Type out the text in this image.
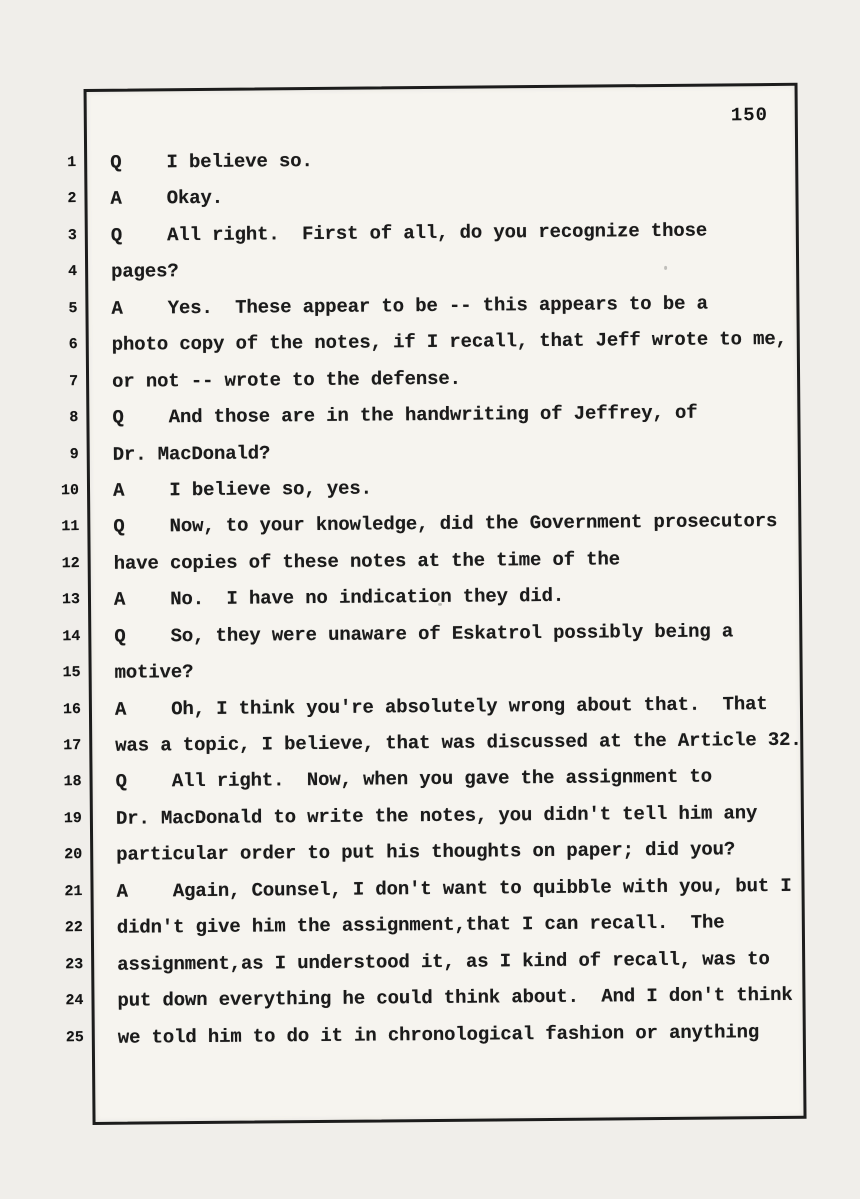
1
2
3
4
5
6
7
8
9
10
11
12
13
14
15
16
17
18
19
20
21
22
23
24
25
150
Q    I believe so.
A    Okay.
Q    All right.  First of all, do you recognize those
pages?
A    Yes.  These appear to be -- this appears to be a
photo copy of the notes, if I recall, that Jeff wrote to me,
or not -- wrote to the defense.
Q    And those are in the handwriting of Jeffrey, of
Dr. MacDonald?
A    I believe so, yes.
Q    Now, to your knowledge, did the Government prosecutors
have copies of these notes at the time of the
A    No.  I have no indication they did.
Q    So, they were unaware of Eskatrol possibly being a
motive?
A    Oh, I think you're absolutely wrong about that.  That
was a topic, I believe, that was discussed at the Article 32.
Q    All right.  Now, when you gave the assignment to
Dr. MacDonald to write the notes, you didn't tell him any
particular order to put his thoughts on paper; did you?
A    Again, Counsel, I don't want to quibble with you, but I
didn't give him the assignment,that I can recall.  The
assignment,as I understood it, as I kind of recall, was to
put down everything he could think about.  And I don't think
we told him to do it in chronological fashion or anything
